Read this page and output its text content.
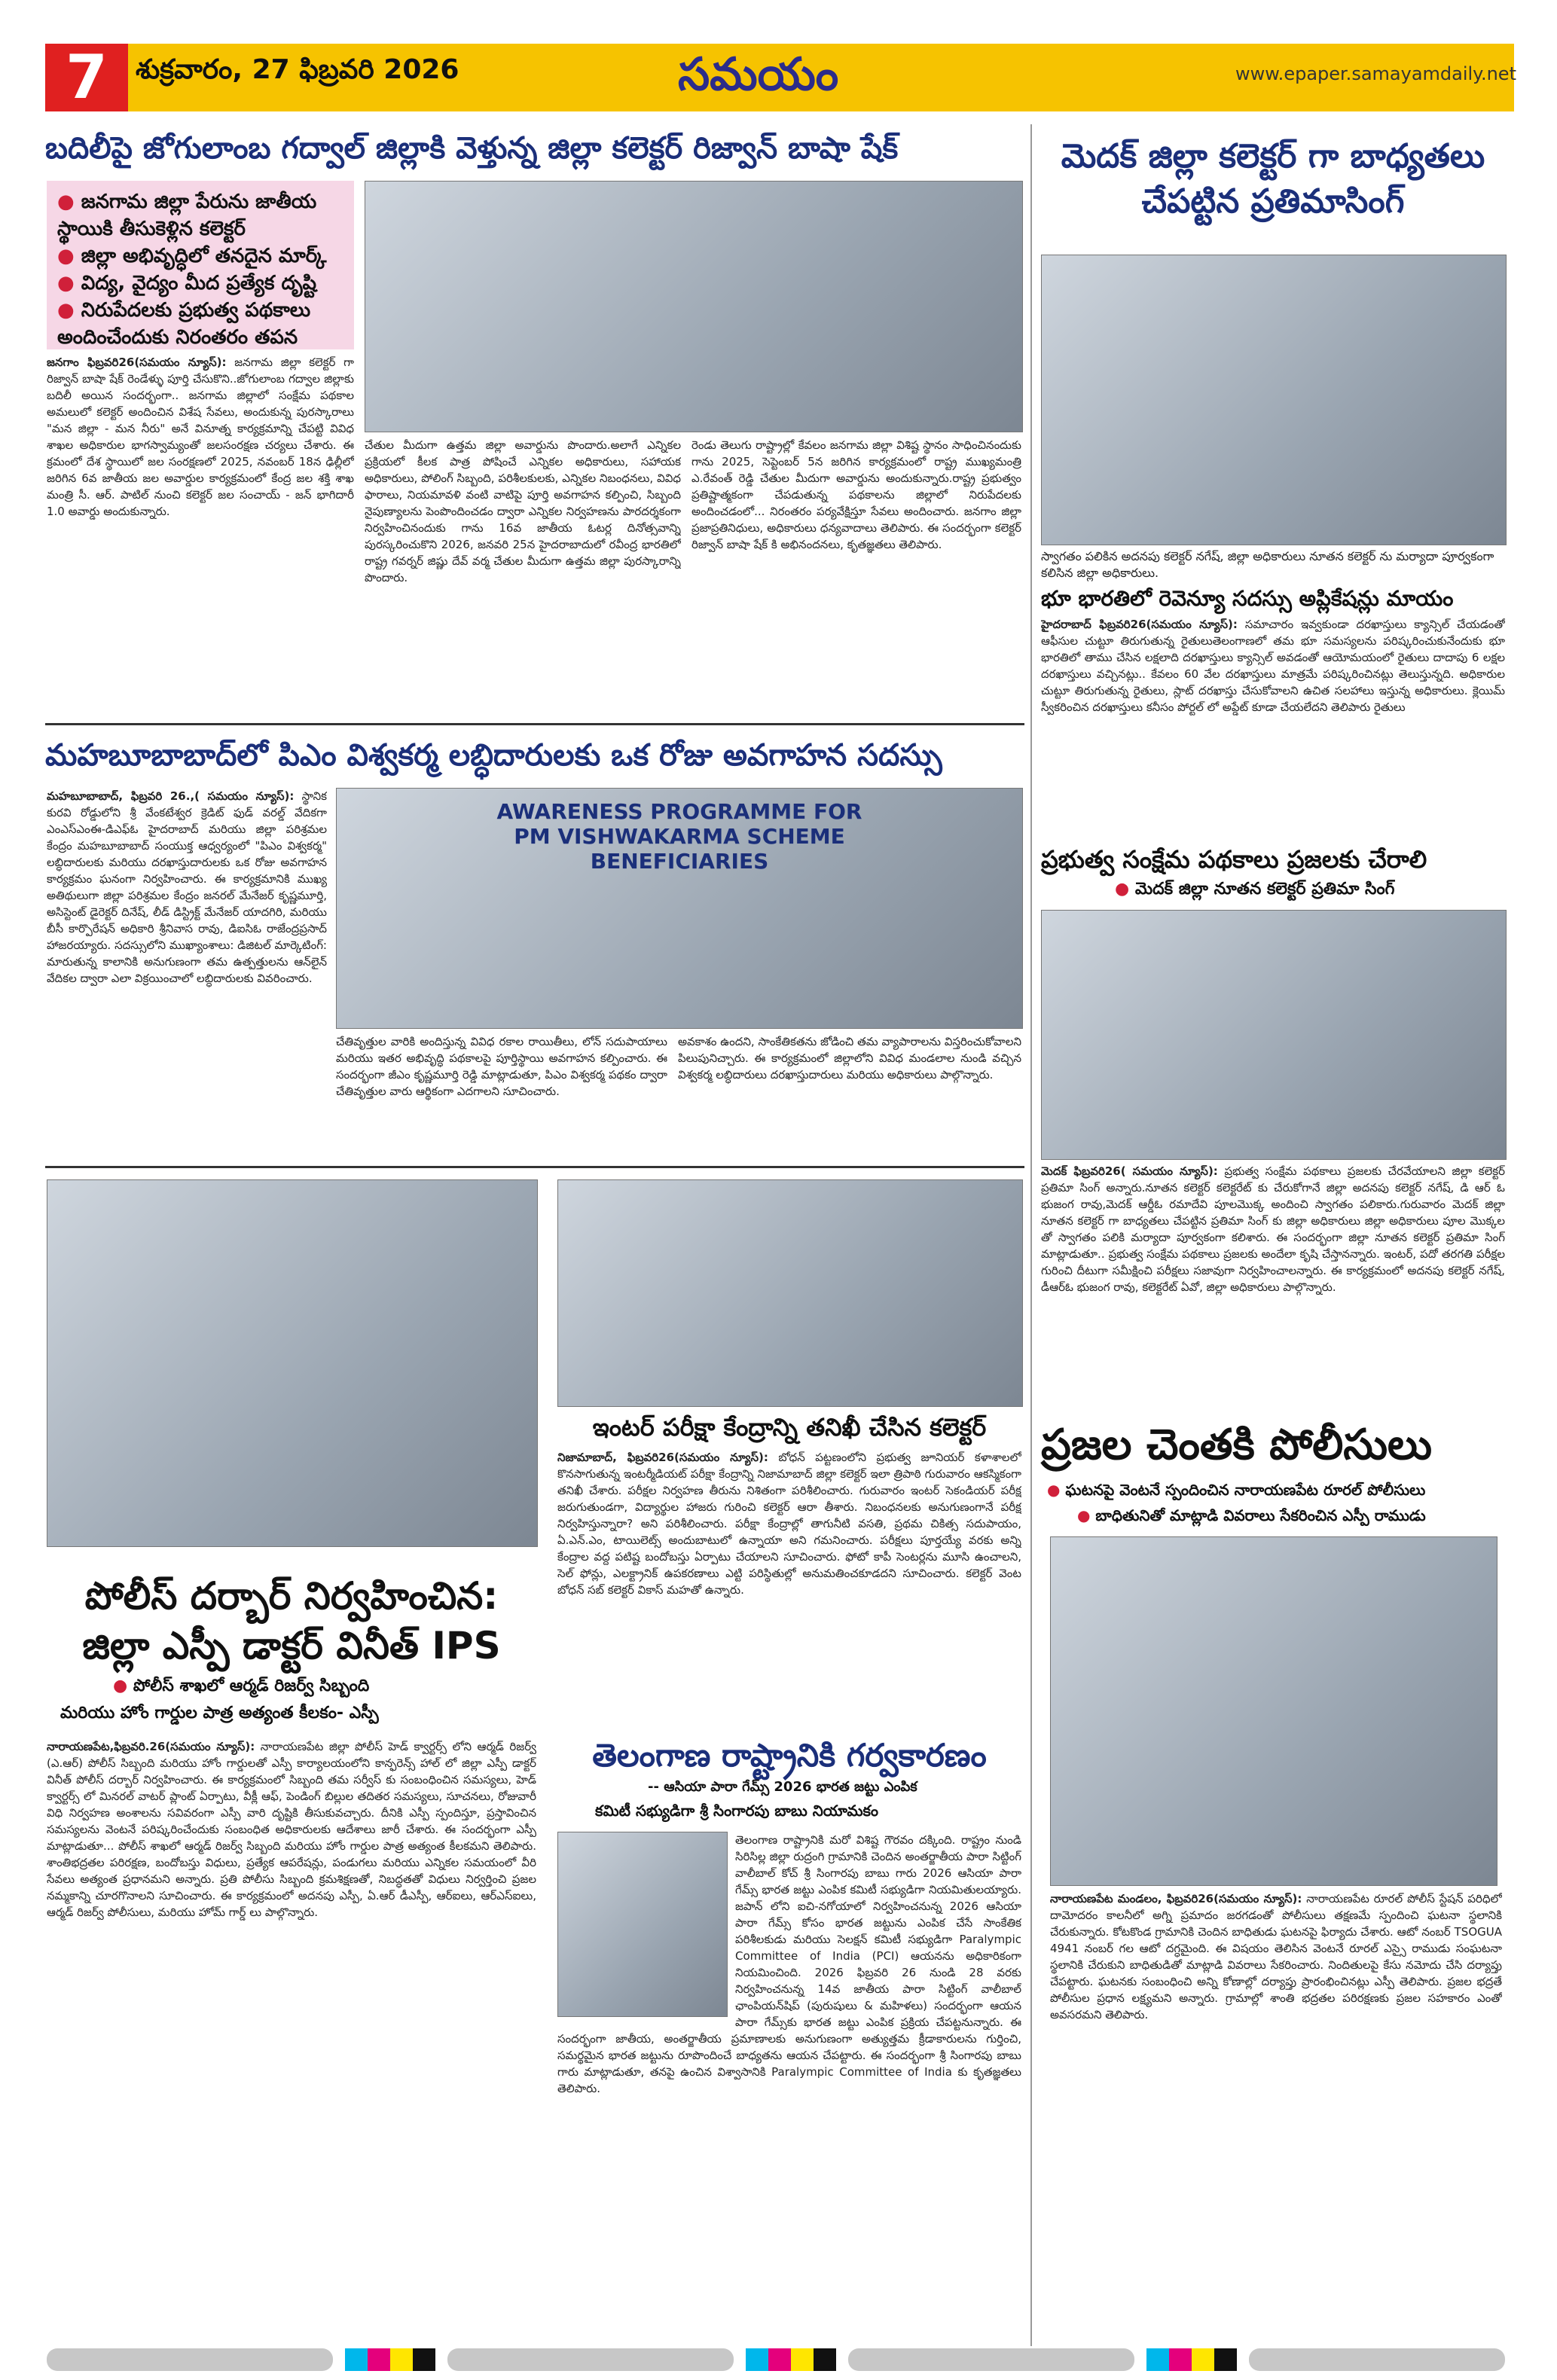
7	శుక్రవారం, 27 ఫిబ్రవరి 2026	సమయం	www.epaper.samayamdaily.net
బదిలీపై జోగులాంబ గద్వాల్ జిల్లాకి వెళ్తున్న జిల్లా కలెక్టర్ రిజ్వాన్ బాషా షేక్
● జనగామ జిల్లా పేరును జాతీయ స్థాయికి తీసుకెళ్లిన కలెక్టర్
● జిల్లా అభివృద్ధిలో తనదైన మార్క్
● విద్య, వైద్యం మీద ప్రత్యేక దృష్టి
● నిరుపేదలకు ప్రభుత్వ పథకాలు అందించేందుకు నిరంతరం తపన
జనగాం ఫిబ్రవరి26(సమయం న్యూస్): జనగామ జిల్లా కలెక్టర్ గా రిజ్వాన్ బాషా షేక్ రెండేళ్ళు పూర్తి చేసుకొని..జోగులాంబ గద్వాల జిల్లాకు బదిలీ అయిన సందర్భంగా.. జనగామ జిల్లాలో సంక్షేమ పథకాల అమలులో కలెక్టర్ అందించిన విశేష సేవలు, అందుకున్న పురస్కారాలు "మన జిల్లా - మన నీరు" అనే వినూత్న కార్యక్రమాన్ని చేపట్టి వివిధ శాఖల అధికారుల భాగస్వామ్యంతో జలసంరక్షణ చర్యలు చేశారు. ఈ క్రమంలో దేశ స్థాయిలో జల సంరక్షణలో 2025, నవంబర్ 18న ఢిల్లీలో జరిగిన 6వ జాతీయ జల అవార్డుల కార్యక్రమంలో కేంద్ర జల శక్తి శాఖ మంత్రి సీ. ఆర్. పాటిల్ నుంచి కలెక్టర్ జల సంచాయ్ - జన్ భాగిదారీ 1.0 అవార్డు అందుకున్నారు.
చేతుల మీదుగా ఉత్తమ జిల్లా అవార్డును పొందారు.అలాగే ఎన్నికల ప్రక్రియలో కీలక పాత్ర పోషించే ఎన్నికల అధికారులు, సహాయక అధికారులు, పోలింగ్ సిబ్బంది, పరిశీలకులకు, ఎన్నికల నిబంధనలు, వివిధ ఫారాలు, నియమావళి వంటి వాటిపై పూర్తి అవగాహన కల్పించి, సిబ్బంది నైపుణ్యాలను పెంపొందించడం ద్వారా ఎన్నికల నిర్వహణను పారదర్శకంగా నిర్వహించినందుకు గాను 16వ జాతీయ ఓటర్ల దినోత్సవాన్ని పురస్కరించుకొని 2026, జనవరి 25న హైదరాబాదులో రవీంద్ర భారతిలో రాష్ట్ర గవర్నర్ జిష్ణు దేవ్ వర్మ చేతుల మీదుగా ఉత్తమ జిల్లా పురస్కారాన్ని పొందారు.
రెండు తెలుగు రాష్ట్రాల్లో కేవలం జనగామ జిల్లా విశిష్ట స్థానం సాధించినందుకు గాను 2025, సెప్టెంబర్ 5న జరిగిన కార్యక్రమంలో రాష్ట్ర ముఖ్యమంత్రి ఎ.రేవంత్ రెడ్డి చేతుల మీదుగా అవార్డును అందుకున్నారు.రాష్ట్ర ప్రభుత్వం ప్రతిష్టాత్మకంగా చేపడుతున్న పథకాలను జిల్లాలో నిరుపేదలకు అందించడంలో... నిరంతరం పర్యవేక్షిస్తూ సేవలు అందించారు. జనగాం జిల్లా ప్రజాప్రతినిధులు, అధికారులు ధన్యవాదాలు తెలిపారు. ఈ సందర్భంగా కలెక్టర్ రిజ్వాన్ బాషా షేక్ కి అభినందనలు, కృతజ్ఞతలు తెలిపారు.
మెదక్ జిల్లా కలెక్టర్ గా బాధ్యతలు చేపట్టిన ప్రతిమాసింగ్
స్వాగతం పలికిన అదనపు కలెక్టర్ నగేష్, జిల్లా అధికారులు నూతన కలెక్టర్ ను మర్యాదా పూర్వకంగా కలిసిన జిల్లా అధికారులు.
భూ భారతిలో రెవెన్యూ సదస్సు అప్లికేషన్లు మాయం
హైదరాబాద్ ఫిబ్రవరి26(సమయం న్యూస్): సమాచారం ఇవ్వకుండా దరఖాస్తులు క్యాన్సిల్ చేయడంతో ఆఫీసుల చుట్టూ తిరుగుతున్న రైతులుతెలంగాణలో తమ భూ సమస్యలను పరిష్కరించుకునేందుకు భూ భారతిలో తాము చేసిన లక్షలాది దరఖాస్తులు క్యాన్సిల్ అవడంతో ఆయోమయంలో రైతులు దాదాపు 6 లక్షల దరఖాస్తులు వచ్చినట్లు.. కేవలం 60 వేల దరఖాస్తులు మాత్రమే పరిష్కరించినట్లు తెలుస్తున్నది. అధికారుల చుట్టూ తిరుగుతున్న రైతులు, స్లాట్ దరఖాస్తు చేసుకోవాలని ఉచిత సలహాలు ఇస్తున్న అధికారులు. క్లెయిమ్ స్వీకరించిన దరఖాస్తులు కనీసం పోర్టల్ లో అప్డేట్ కూడా చేయలేదని తెలిపారు రైతులు
ప్రభుత్వ సంక్షేమ పథకాలు ప్రజలకు చేరాలి
● మెదక్ జిల్లా నూతన కలెక్టర్ ప్రతిమా సింగ్
మెదక్ ఫిబ్రవరి26( సమయం న్యూస్): ప్రభుత్వ సంక్షేమ పథకాలు ప్రజలకు చేరవేయాలని జిల్లా కలెక్టర్ ప్రతిమా సింగ్ అన్నారు.నూతన కలెక్టర్ కలెక్టరేట్ కు చేరుకోగానే జిల్లా అదనపు కలెక్టర్ నగేష్, డి ఆర్ ఓ భుజంగ రావు,మెదక్ ఆర్డీఓ రమాదేవి పూలమొక్క అందించి స్వాగతం పలికారు.గురువారం మెదక్ జిల్లా నూతన కలెక్టర్ గా బాధ్యతలు చేపట్టిన ప్రతిమా సింగ్ కు జిల్లా అధికారులు జిల్లా అధికారులు పూల మొక్కల తో స్వాగతం పలికి మర్యాదా పూర్వకంగా కలిశారు. ఈ సందర్భంగా జిల్లా నూతన కలెక్టర్ ప్రతిమా సింగ్ మాట్లాడుతూ.. ప్రభుత్వ సంక్షేమ పథకాలు ప్రజలకు అందేలా కృషి చేస్తానన్నారు. ఇంటర్, పదో తరగతి పరీక్షల గురించి దీటుగా సమీక్షించి పరీక్షలు సజావుగా నిర్వహించాలన్నారు. ఈ కార్యక్రమంలో అదనపు కలెక్టర్ నగేష్, డీఆర్ఓ భుజంగ రావు, కలెక్టరేట్ ఏవో, జిల్లా అధికారులు పాల్గొన్నారు.
ప్రజల చెంతకి పోలీసులు
● ఘటనపై వెంటనే స్పందించిన నారాయణపేట రూరల్ పోలీసులు
● బాధితునితో మాట్లాడి వివరాలు సేకరించిన ఎస్పీ రాముడు
నారాయణపేట మండలం, ఫిబ్రవరి26(సమయం న్యూస్): నారాయణపేట రూరల్ పోలీస్ స్టేషన్ పరిధిలో దామోదరం కాలనీలో అగ్ని ప్రమాదం జరగడంతో పోలీసులు తక్షణమే స్పందించి ఘటనా స్థలానికి చేరుకున్నారు. కోటకొండ గ్రామానికి చెందిన బాధితుడు ఘటనపై ఫిర్యాదు చేశారు. ఆటో నంబర్ TSOGUA 4941 నంబర్ గల ఆటో దగ్ధమైంది. ఈ విషయం తెలిసిన వెంటనే రూరల్ ఎస్సై రాముడు సంఘటనా స్థలానికి చేరుకుని బాధితుడితో మాట్లాడి వివరాలు సేకరించారు. నిందితులపై కేసు నమోదు చేసి దర్యాప్తు చేపట్టారు. ఘటనకు సంబంధించి అన్ని కోణాల్లో దర్యాప్తు ప్రారంభించినట్లు ఎస్పీ తెలిపారు. ప్రజల భద్రతే పోలీసుల ప్రధాన లక్ష్యమని అన్నారు. గ్రామాల్లో శాంతి భద్రతల పరిరక్షణకు ప్రజల సహకారం ఎంతో అవసరమని తెలిపారు.
మహబూబాబాద్‌లో పిఎం విశ్వకర్మ లబ్ధిదారులకు ఒక రోజు అవగాహన సదస్సు
మహబూబాబాద్, ఫిబ్రవరి 26.,( సమయం న్యూస్): స్థానిక కురవి రోడ్డులోని శ్రీ వేంకటేశ్వర క్రెడిట్ ఫుడ్ వరల్డ్ వేదికగా ఎంఎస్ఎంఈ-డిఎఫ్ఓ హైదరాబాద్ మరియు జిల్లా పరిశ్రమల కేంద్రం మహబూబాబాద్ సంయుక్త ఆధ్వర్యంలో "పిఎం విశ్వకర్మ" లబ్ధిదారులకు మరియు దరఖాస్తుదారులకు ఒక రోజు అవగాహన కార్యక్రమం ఘనంగా నిర్వహించారు. ఈ కార్యక్రమానికి ముఖ్య అతిథులుగా జిల్లా పరిశ్రమల కేంద్రం జనరల్ మేనేజర్ కృష్ణమూర్తి, అసిస్టెంట్ డైరెక్టర్ దినేష్, లీడ్ డిస్ట్రిక్ట్ మేనేజర్ యాదగిరి, మరియు బీసీ కార్పొరేషన్ అధికారి శ్రీనివాస రావు, డిఐసిఓ రాజేంద్రప్రసాద్ హాజరయ్యారు. సదస్సులోని ముఖ్యాంశాలు: డిజిటల్ మార్కెటింగ్: మారుతున్న కాలానికి అనుగుణంగా తమ ఉత్పత్తులను ఆన్‌లైన్ వేదికల ద్వారా ఎలా విక్రయించాలో లబ్ధిదారులకు వివరించారు.
AWARENESS PROGRAMME FOR PM VISHWAKARMA SCHEME BENEFICIARIES
చేతివృత్తుల వారికి అందిస్తున్న వివిధ రకాల రాయితీలు, లోన్ సదుపాయాలు మరియు ఇతర అభివృద్ధి పథకాలపై పూర్తిస్థాయి అవగాహన కల్పించారు. ఈ సందర్భంగా జీఎం కృష్ణమూర్తి రెడ్డి మాట్లాడుతూ, పిఎం విశ్వకర్మ పథకం ద్వారా చేతివృత్తుల వారు ఆర్థికంగా ఎదగాలని సూచించారు.
అవకాశం ఉందని, సాంకేతికతను జోడించి తమ వ్యాపారాలను విస్తరించుకోవాలని పిలుపునిచ్చారు. ఈ కార్యక్రమంలో జిల్లాలోని వివిధ మండలాల నుండి వచ్చిన విశ్వకర్మ లబ్ధిదారులు దరఖాస్తుదారులు మరియు అధికారులు పాల్గొన్నారు.
పోలీస్ దర్బార్ నిర్వహించిన:
జిల్లా ఎస్పీ డాక్టర్ వినీత్ IPS
● పోలీస్ శాఖలో ఆర్మడ్ రిజర్వ్ సిబ్బంది
మరియు హోం గార్డుల పాత్ర అత్యంత కీలకం- ఎస్పీ
నారాయణపేట,ఫిబ్రవరి.26(సమయం న్యూస్): నారాయణపేట జిల్లా పోలీస్ హెడ్ క్వార్టర్స్ లోని ఆర్మడ్ రిజర్వ్ (ఎ.ఆర్) పోలీస్ సిబ్బంది మరియు హోం గార్డులతో ఎస్పీ కార్యాలయంలోని కాన్ఫరెన్స్ హాల్ లో జిల్లా ఎస్పీ డాక్టర్ వినీత్ పోలీస్ దర్బార్ నిర్వహించారు. ఈ కార్యక్రమంలో సిబ్బంది తమ సర్వీస్ కు సంబంధించిన సమస్యలు, హెడ్ క్వార్టర్స్ లో మినరల్ వాటర్ ప్లాంట్ ఏర్పాటు, వీక్లీ ఆఫ్, పెండింగ్ బిల్లుల తదితర సమస్యలు, సూచనలు, రోజువారీ విధి నిర్వహణ అంశాలను సవివరంగా ఎస్పీ వారి దృష్టికి తీసుకువచ్చారు. దీనికి ఎస్పీ స్పందిస్తూ, ప్రస్తావించిన సమస్యలను వెంటనే పరిష్కరించేందుకు సంబంధిత అధికారులకు ఆదేశాలు జారీ చేశారు. ఈ సందర్భంగా ఎస్పీ మాట్లాడుతూ... పోలీస్ శాఖలో ఆర్మడ్ రిజర్వ్ సిబ్బంది మరియు హోం గార్డుల పాత్ర అత్యంత కీలకమని తెలిపారు. శాంతిభద్రతల పరిరక్షణ, బందోబస్తు విధులు, ప్రత్యేక ఆపరేషన్లు, పండుగలు మరియు ఎన్నికల సమయంలో వీరి సేవలు అత్యంత ప్రధానమని అన్నారు. ప్రతి పోలీసు సిబ్బంది క్రమశిక్షణతో, నిబద్ధతతో విధులు నిర్వర్తించి ప్రజల నమ్మకాన్ని చూరగొనాలని సూచించారు. ఈ కార్యక్రమంలో అదనపు ఎస్పీ, ఏ.ఆర్ డీఎస్పీ, ఆర్ఐలు, ఆర్ఎస్ఐలు, ఆర్మడ్ రిజర్వ్ పోలీసులు, మరియు హోమ్ గార్డ్ లు పాల్గొన్నారు.
ఇంటర్ పరీక్షా కేంద్రాన్ని తనిఖీ చేసిన కలెక్టర్
నిజామాబాద్, ఫిబ్రవరి26(సమయం న్యూస్): బోధన్ పట్టణంలోని ప్రభుత్వ జూనియర్ కళాశాలలో కొనసాగుతున్న ఇంటర్మీడియట్ పరీక్షా కేంద్రాన్ని నిజామాబాద్ జిల్లా కలెక్టర్ ఇలా త్రిపాఠి గురువారం ఆకస్మికంగా తనిఖీ చేశారు. పరీక్షల నిర్వహణ తీరును నిశితంగా పరిశీలించారు. గురువారం ఇంటర్ సెకండియర్ పరీక్ష జరుగుతుండగా, విద్యార్థుల హాజరు గురించి కలెక్టర్ ఆరా తీశారు. నిబంధనలకు అనుగుణంగానే పరీక్ష నిర్వహిస్తున్నారా? అని పరిశీలించారు. పరీక్షా కేంద్రాల్లో తాగునీటి వసతి, ప్రథమ చికిత్స సదుపాయం, ఏ.ఎన్.ఎం, టాయిలెట్స్ అందుబాటులో ఉన్నాయా అని గమనించారు. పరీక్షలు పూర్తయ్యే వరకు అన్ని కేంద్రాల వద్ద పటిష్ట బందోబస్తు ఏర్పాటు చేయాలని సూచించారు. ఫోటో కాపీ సెంటర్లను మూసి ఉంచాలని, సెల్ ఫోన్లు, ఎలక్ట్రానిక్ ఉపకరణాలు ఎట్టి పరిస్థితుల్లో అనుమతించకూడదని సూచించారు. కలెక్టర్ వెంట బోధన్ సబ్ కలెక్టర్ వికాస్ మహతో ఉన్నారు.
తెలంగాణ రాష్ట్రానికి గర్వకారణం
-- ఆసియా పారా గేమ్స్ 2026 భారత జట్టు ఎంపిక
కమిటీ సభ్యుడిగా శ్రీ సింగారపు బాబు నియామకం
తెలంగాణ రాష్ట్రానికి మరో విశిష్ట గౌరవం దక్కింది. రాష్ట్రం నుండి సిరిసిల్ల జిల్లా రుద్రంగి గ్రామానికి చెందిన అంతర్జాతీయ పారా సిట్టింగ్ వాలీబాల్ కోచ్ శ్రీ సింగారపు బాబు గారు 2026 ఆసియా పారా గేమ్స్ భారత జట్టు ఎంపిక కమిటీ సభ్యుడిగా నియమితులయ్యారు. జపాన్ లోని ఐచి-నగోయాలో నిర్వహించనున్న 2026 ఆసియా పారా గేమ్స్ కోసం భారత జట్టును ఎంపిక చేసే సాంకేతిక పరిశీలకుడు మరియు సెలక్షన్ కమిటీ సభ్యుడిగా Paralympic Committee of India (PCI) ఆయనను అధికారికంగా నియమించింది. 2026 ఫిబ్రవరి 26 నుండి 28 వరకు నిర్వహించనున్న 14వ జాతీయ పారా సిట్టింగ్ వాలీబాల్ ఛాంపియన్‌షిప్ (పురుషులు & మహిళలు) సందర్భంగా ఆయన పారా గేమ్స్‌కు భారత జట్టు ఎంపిక ప్రక్రియ చేపట్టనున్నారు. ఈ సందర్భంగా జాతీయ, అంతర్జాతీయ ప్రమాణాలకు అనుగుణంగా అత్యుత్తమ క్రీడాకారులను గుర్తించి, సమర్థమైన భారత జట్టును రూపొందించే బాధ్యతను ఆయన చేపట్టారు. ఈ సందర్భంగా శ్రీ సింగారపు బాబు గారు మాట్లాడుతూ, తనపై ఉంచిన విశ్వాసానికి Paralympic Committee of India కు కృతజ్ఞతలు తెలిపారు.
